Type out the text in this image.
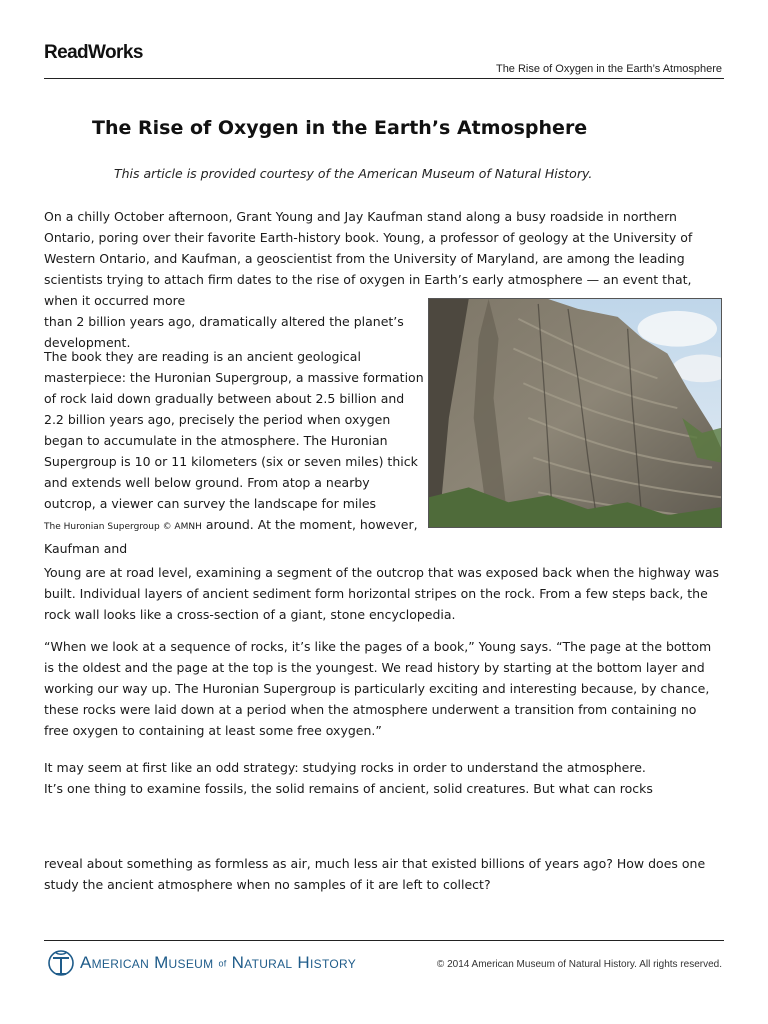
ReadWorks
The Rise of Oxygen in the Earth’s Atmosphere
The Rise of Oxygen in the Earth’s Atmosphere

This article is provided courtesy of the American Museum of Natural History.

On a chilly October afternoon, Grant Young and Jay Kaufman stand along a busy roadside in northern Ontario, poring over their favorite Earth-history book. Young, a professor of geology at the University of Western Ontario, and Kaufman, a geoscientist from the University of Maryland, are among the leading scientists trying to attach firm dates to the rise of oxygen in Earth’s early atmosphere — an event that, when it occurred more
than 2 billion years ago, dramatically altered the planet’s development.

The book they are reading is an ancient geological masterpiece: the Huronian Supergroup, a massive formation of rock laid down gradually between about 2.5 billion and 2.2 billion years ago, precisely the period when oxygen began to accumulate in the atmosphere. The Huronian Supergroup is 10 or 11 kilometers (six or seven miles) thick and extends well below ground. From atop a nearby outcrop, a viewer can survey the landscape for miles
The Huronian Supergroup © AMNH around. At the moment, however, Kaufman and

Young are at road level, examining a segment of the outcrop that was exposed back when the highway was built. Individual layers of ancient sediment form horizontal stripes on the rock. From a few steps back, the rock wall looks like a cross-section of a giant, stone encyclopedia.

“When we look at a sequence of rocks, it’s like the pages of a book,” Young says. “The page at the bottom is the oldest and the page at the top is the youngest. We read history by starting at the bottom layer and working our way up. The Huronian Supergroup is particularly exciting and interesting because, by chance, these rocks were laid down at a period when the atmosphere underwent a transition from containing no free oxygen to containing at least some free oxygen.”

It may seem at first like an odd strategy: studying rocks in order to understand the atmosphere.
It’s one thing to examine fossils, the solid remains of ancient, solid creatures. But what can rocks

reveal about something as formless as air, much less air that existed billions of years ago? How does one study the ancient atmosphere when no samples of it are left to collect?

American Museum of Natural History	© 2014 American Museum of Natural History. All rights reserved.
